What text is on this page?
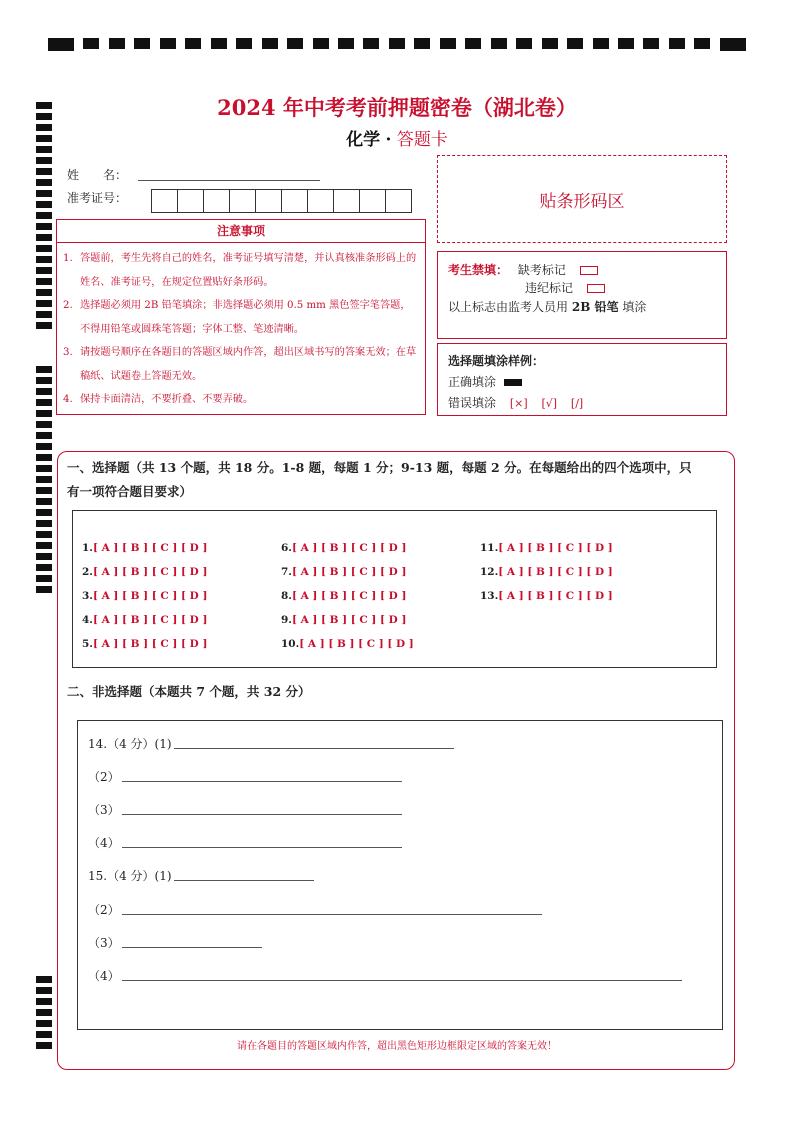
2024 年中考考前押题密卷（湖北卷）
化学 · 答题卡
姓　　名：
准考证号：	贴条形码区
注意事项
1. 答题前，考生先将自己的姓名，准考证号填写清楚，并认真核准条形码上的姓名、准考证号，在规定位置贴好条形码。
2. 选择题必须用 2B 铅笔填涂；非选择题必须用 0.5 mm 黑色签字笔答题，不得用铅笔或圆珠笔答题；字体工整、笔迹清晰。
3. 请按题号顺序在各题目的答题区域内作答，超出区域书写的答案无效；在草稿纸、试题卷上答题无效。
4. 保持卡面清洁，不要折叠、不要弄破。
考生禁填： 缺考标记
违纪标记
以上标志由监考人员用 2B 铅笔 填涂
选择题填涂样例：
正确填涂
错误填涂 [×] [√] [/]
一、选择题（共 13 个题，共 18 分。1-8 题，每题 1 分；9-13 题，每题 2 分。在每题给出的四个选项中，只
有一项符合题目要求）
1.[ A ] [ B ] [ C ] [ D ]
2.[ A ] [ B ] [ C ] [ D ]
3.[ A ] [ B ] [ C ] [ D ]
4.[ A ] [ B ] [ C ] [ D ]
5.[ A ] [ B ] [ C ] [ D ]
6.[ A ] [ B ] [ C ] [ D ]
7.[ A ] [ B ] [ C ] [ D ]
8.[ A ] [ B ] [ C ] [ D ]
9.[ A ] [ B ] [ C ] [ D ]
10.[ A ] [ B ] [ C ] [ D ]
11.[ A ] [ B ] [ C ] [ D ]
12.[ A ] [ B ] [ C ] [ D ]
13.[ A ] [ B ] [ C ] [ D ]
二、非选择题（本题共 7 个题，共 32 分）
14.（4 分）(1)
（2）
（3）
（4）
15.（4 分）(1)
（2）
（3）
（4）
请在各题目的答题区域内作答，超出黑色矩形边框限定区域的答案无效！
